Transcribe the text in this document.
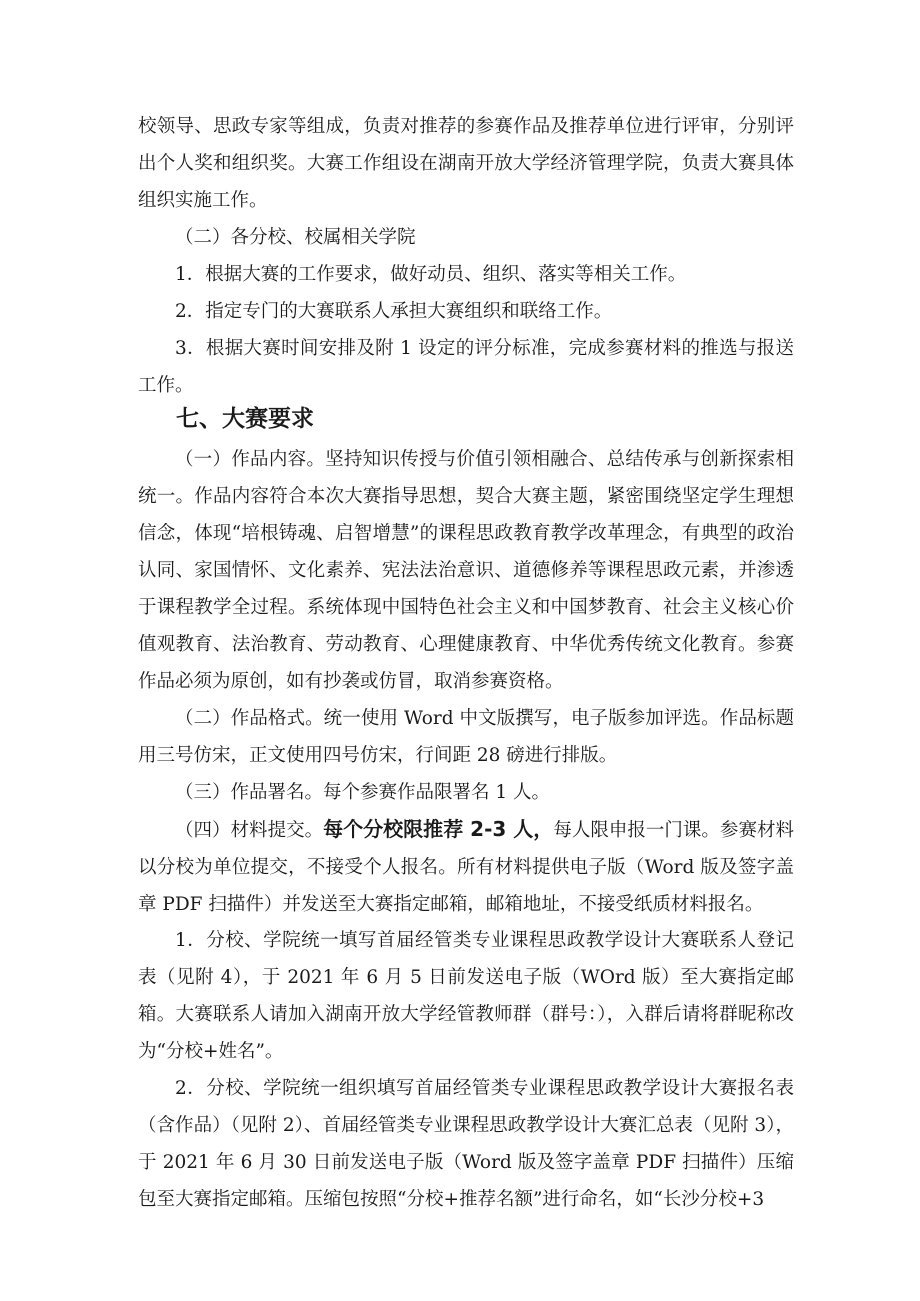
校领导、思政专家等组成，负责对推荐的参赛作品及推荐单位进行评审，分别评出个人奖和组织奖。大赛工作组设在湖南开放大学经济管理学院，负责大赛具体组织实施工作。

（二）各分校、校属相关学院

1．根据大赛的工作要求，做好动员、组织、落实等相关工作。

2．指定专门的大赛联系人承担大赛组织和联络工作。

3．根据大赛时间安排及附 1 设定的评分标准，完成参赛材料的推选与报送工作。

七、大赛要求

（一）作品内容。坚持知识传授与价值引领相融合、总结传承与创新探索相统一。作品内容符合本次大赛指导思想，契合大赛主题，紧密围绕坚定学生理想信念，体现“培根铸魂、启智增慧”的课程思政教育教学改革理念，有典型的政治认同、家国情怀、文化素养、宪法法治意识、道德修养等课程思政元素，并渗透于课程教学全过程。系统体现中国特色社会主义和中国梦教育、社会主义核心价值观教育、法治教育、劳动教育、心理健康教育、中华优秀传统文化教育。参赛作品必须为原创，如有抄袭或仿冒，取消参赛资格。

（二）作品格式。统一使用 Word 中文版撰写，电子版参加评选。作品标题用三号仿宋，正文使用四号仿宋，行间距 28 磅进行排版。

（三）作品署名。每个参赛作品限署名 1 人。

（四）材料提交。每个分校限推荐 2-3 人，每人限申报一门课。参赛材料以分校为单位提交，不接受个人报名。所有材料提供电子版（Word 版及签字盖章 PDF 扫描件）并发送至大赛指定邮箱，邮箱地址，不接受纸质材料报名。

1．分校、学院统一填写首届经管类专业课程思政教学设计大赛联系人登记表（见附 4），于 2021 年 6 月 5 日前发送电子版（WOrd 版）至大赛指定邮箱。大赛联系人请加入湖南开放大学经管教师群（群号：），入群后请将群昵称改为“分校+姓名”。

2．分校、学院统一组织填写首届经管类专业课程思政教学设计大赛报名表（含作品）（见附 2）、首届经管类专业课程思政教学设计大赛汇总表（见附 3），于 2021 年 6 月 30 日前发送电子版（Word 版及签字盖章 PDF 扫描件）压缩包至大赛指定邮箱。压缩包按照“分校+推荐名额”进行命名，如“长沙分校+3
